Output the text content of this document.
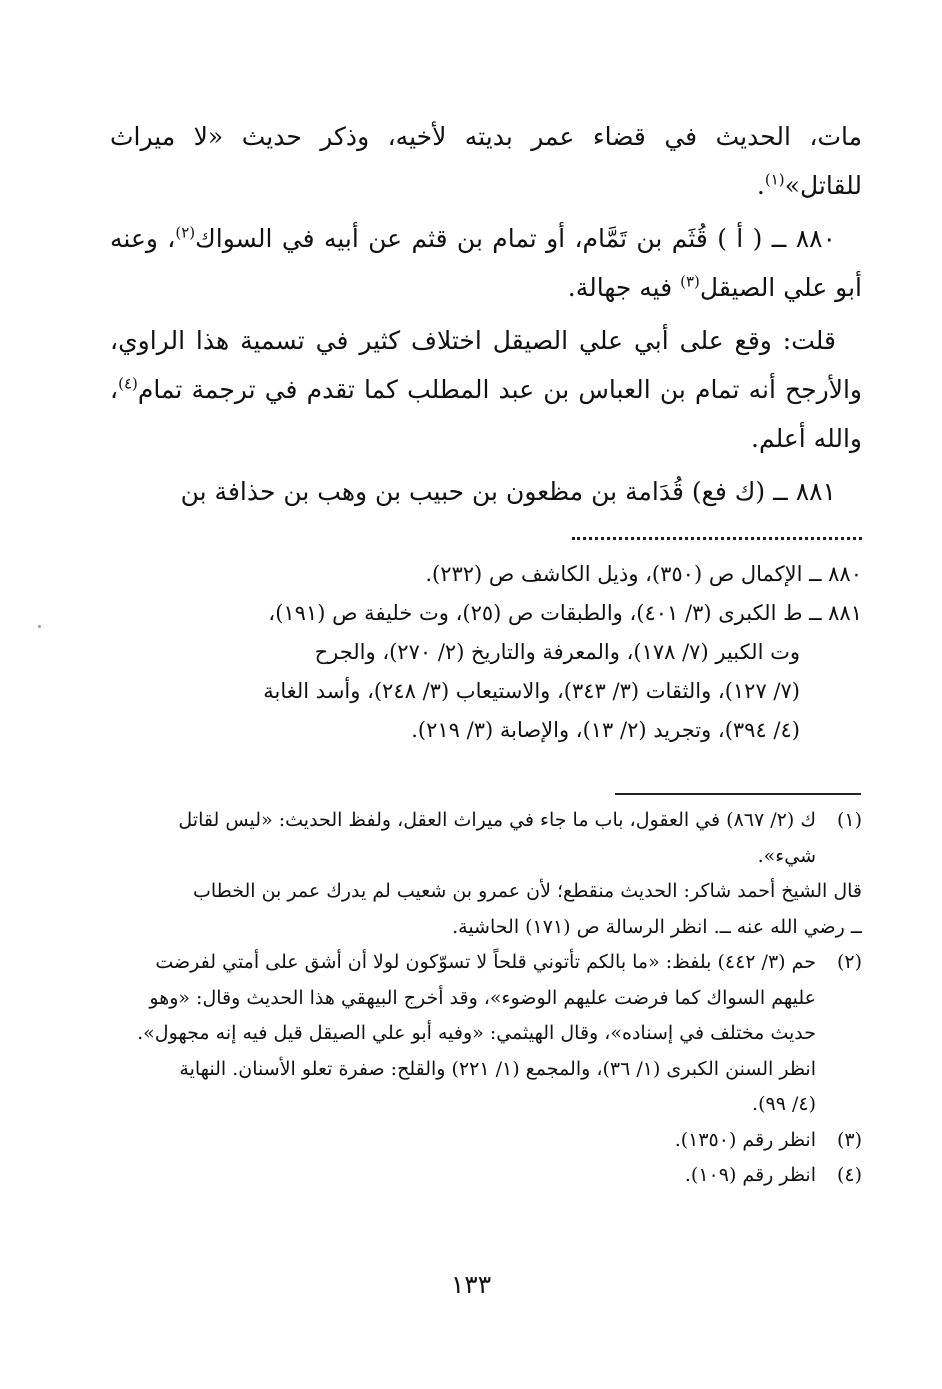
مات، الحديث في قضاء عمر بديته لأخيه، وذكر حديث «لا ميراث للقاتل»$^{(١)}$.

٨٨٠ ــ ( أ ) قُثَم بن تَمَّام، أو تمام بن قثم عن أبيه في السواك$^{(٢)}$، وعنه أبو علي الصيقل$^{(٣)}$ فيه جهالة.

قلت: وقع على أبي علي الصيقل اختلاف كثير في تسمية هذا الراوي، والأرجح أنه تمام بن العباس بن عبد المطلب كما تقدم في ترجمة تمام$^{(٤)}$، والله أعلم.

٨٨١ ــ (ك فع) قُدَامة بن مظعون بن حبيب بن وهب بن حذافة بن

٨٨٠ ــ الإكمال ص (٣٥٠)، وذيل الكاشف ص (٢٣٢).

٨٨١ ــ ط الكبرى (٣/ ٤٠١)، والطبقات ص (٢٥)، وت خليفة ص (١٩١)،
وت الكبير (٧/ ١٧٨)، والمعرفة والتاريخ (٢/ ٢٧٠)، والجرح
(٧/ ١٢٧)، والثقات (٣/ ٣٤٣)، والاستيعاب (٣/ ٢٤٨)، وأسد الغابة
(٤/ ٣٩٤)، وتجريد (٢/ ١٣)، والإصابة (٣/ ٢١٩).

(١)
ك (٢/ ٨٦٧) في العقول، باب ما جاء في ميراث العقل، ولفظ الحديث: «ليس لقاتل
شيء».
قال الشيخ أحمد شاكر: الحديث منقطع؛ لأن عمرو بن شعيب لم يدرك عمر بن الخطاب
ــ رضي الله عنه ــ. انظر الرسالة ص (١٧١) الحاشية.
(٢)
حم (٣/ ٤٤٢) بلفظ: «ما بالكم تأتوني قلحاً لا تسوّكون لولا أن أشق على أمتي لفرضت
عليهم السواك كما فرضت عليهم الوضوء»، وقد أخرج البيهقي هذا الحديث وقال: «وهو
حديث مختلف في إسناده»، وقال الهيثمي: «وفيه أبو علي الصيقل قيل فيه إنه مجهول».
انظر السنن الكبرى (١/ ٣٦)، والمجمع (١/ ٢٢١) والقلح: صفرة تعلو الأسنان. النهاية
(٤/ ٩٩).
(٣)
انظر رقم (١٣٥٠).
(٤)
انظر رقم (١٠٩).
١٣٣
